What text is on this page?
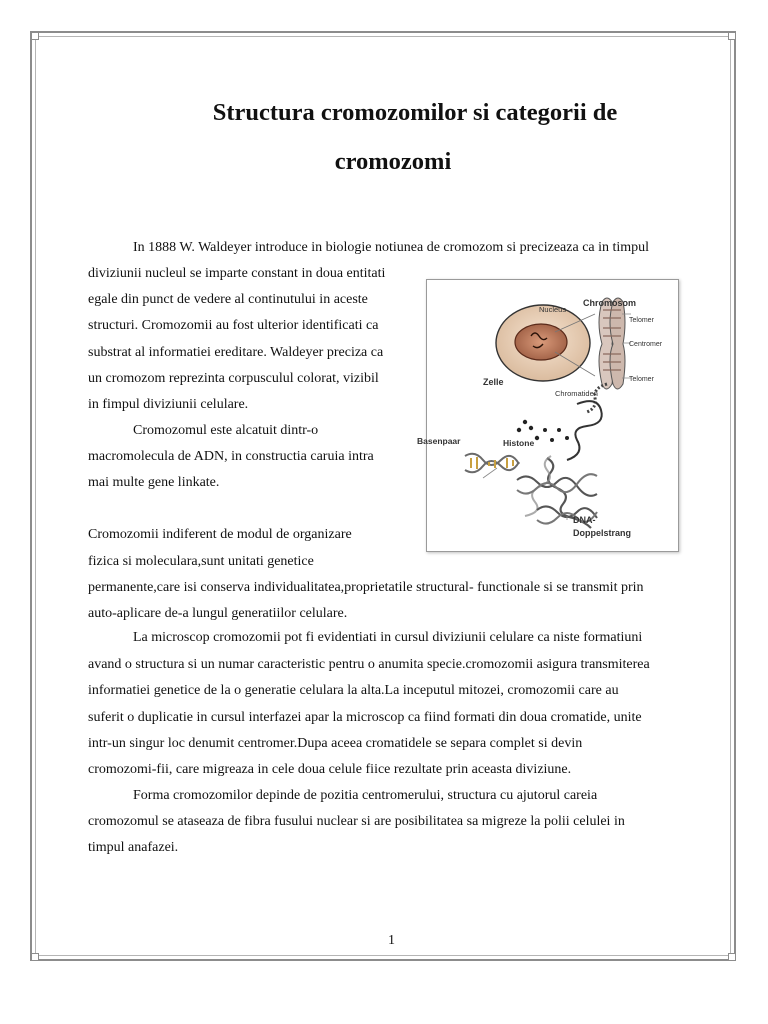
Structura cromozomilor si categorii de
cromozomi
In 1888 W. Waldeyer introduce in biologie notiunea de cromozom si precizeaza ca in timpul
diviziunii nucleul se imparte constant in doua entitati
egale din punct de vedere al continutului in aceste
structuri. Cromozomii au fost ulterior identificati ca
substrat al informatiei ereditare. Waldeyer preciza ca
un cromozom reprezinta corpusculul colorat, vizibil
in fimpul diviziunii celulare.
Cromozomul este alcatuit dintr-o
macromolecula de ADN, in constructia caruia intra
mai multe gene linkate.
Cromozomii indiferent de modul de organizare
fizica si moleculara,sunt unitati genetice
permanente,care isi conserva individualitatea,proprietatile structural- functionale si se transmit prin
auto-aplicare de-a lungul generatiilor celulare.
La microscop cromozomii pot fi evidentiati in cursul diviziunii celulare ca niste formatiuni
avand o structura si un numar caracteristic pentru o anumita specie.cromozomii asigura transmiterea
informatiei genetice de la o generatie celulara la alta.La inceputul mitozei, cromozomii care au
suferit o duplicatie in cursul interfazei apar la microscop ca fiind formati din doua cromatide, unite
intr-un singur loc denumit centromer.Dupa aceea cromatidele se separa complet si devin
cromozomi-fii, care migreaza in cele doua celule fiice rezultate prin aceasta diviziune.
Forma cromozomilor depinde de pozitia centromerului, structura cu ajutorul careia
cromozomul se ataseaza de fibra fusului nuclear si are posibilitatea sa migreze la polii celulei in
timpul anafazei.
Nucleus
Chromosom
Telomer
Centromer
Telomer
Zelle
Chromatiden
Basenpaar	Histone
DNA-
Doppelstrang
1
